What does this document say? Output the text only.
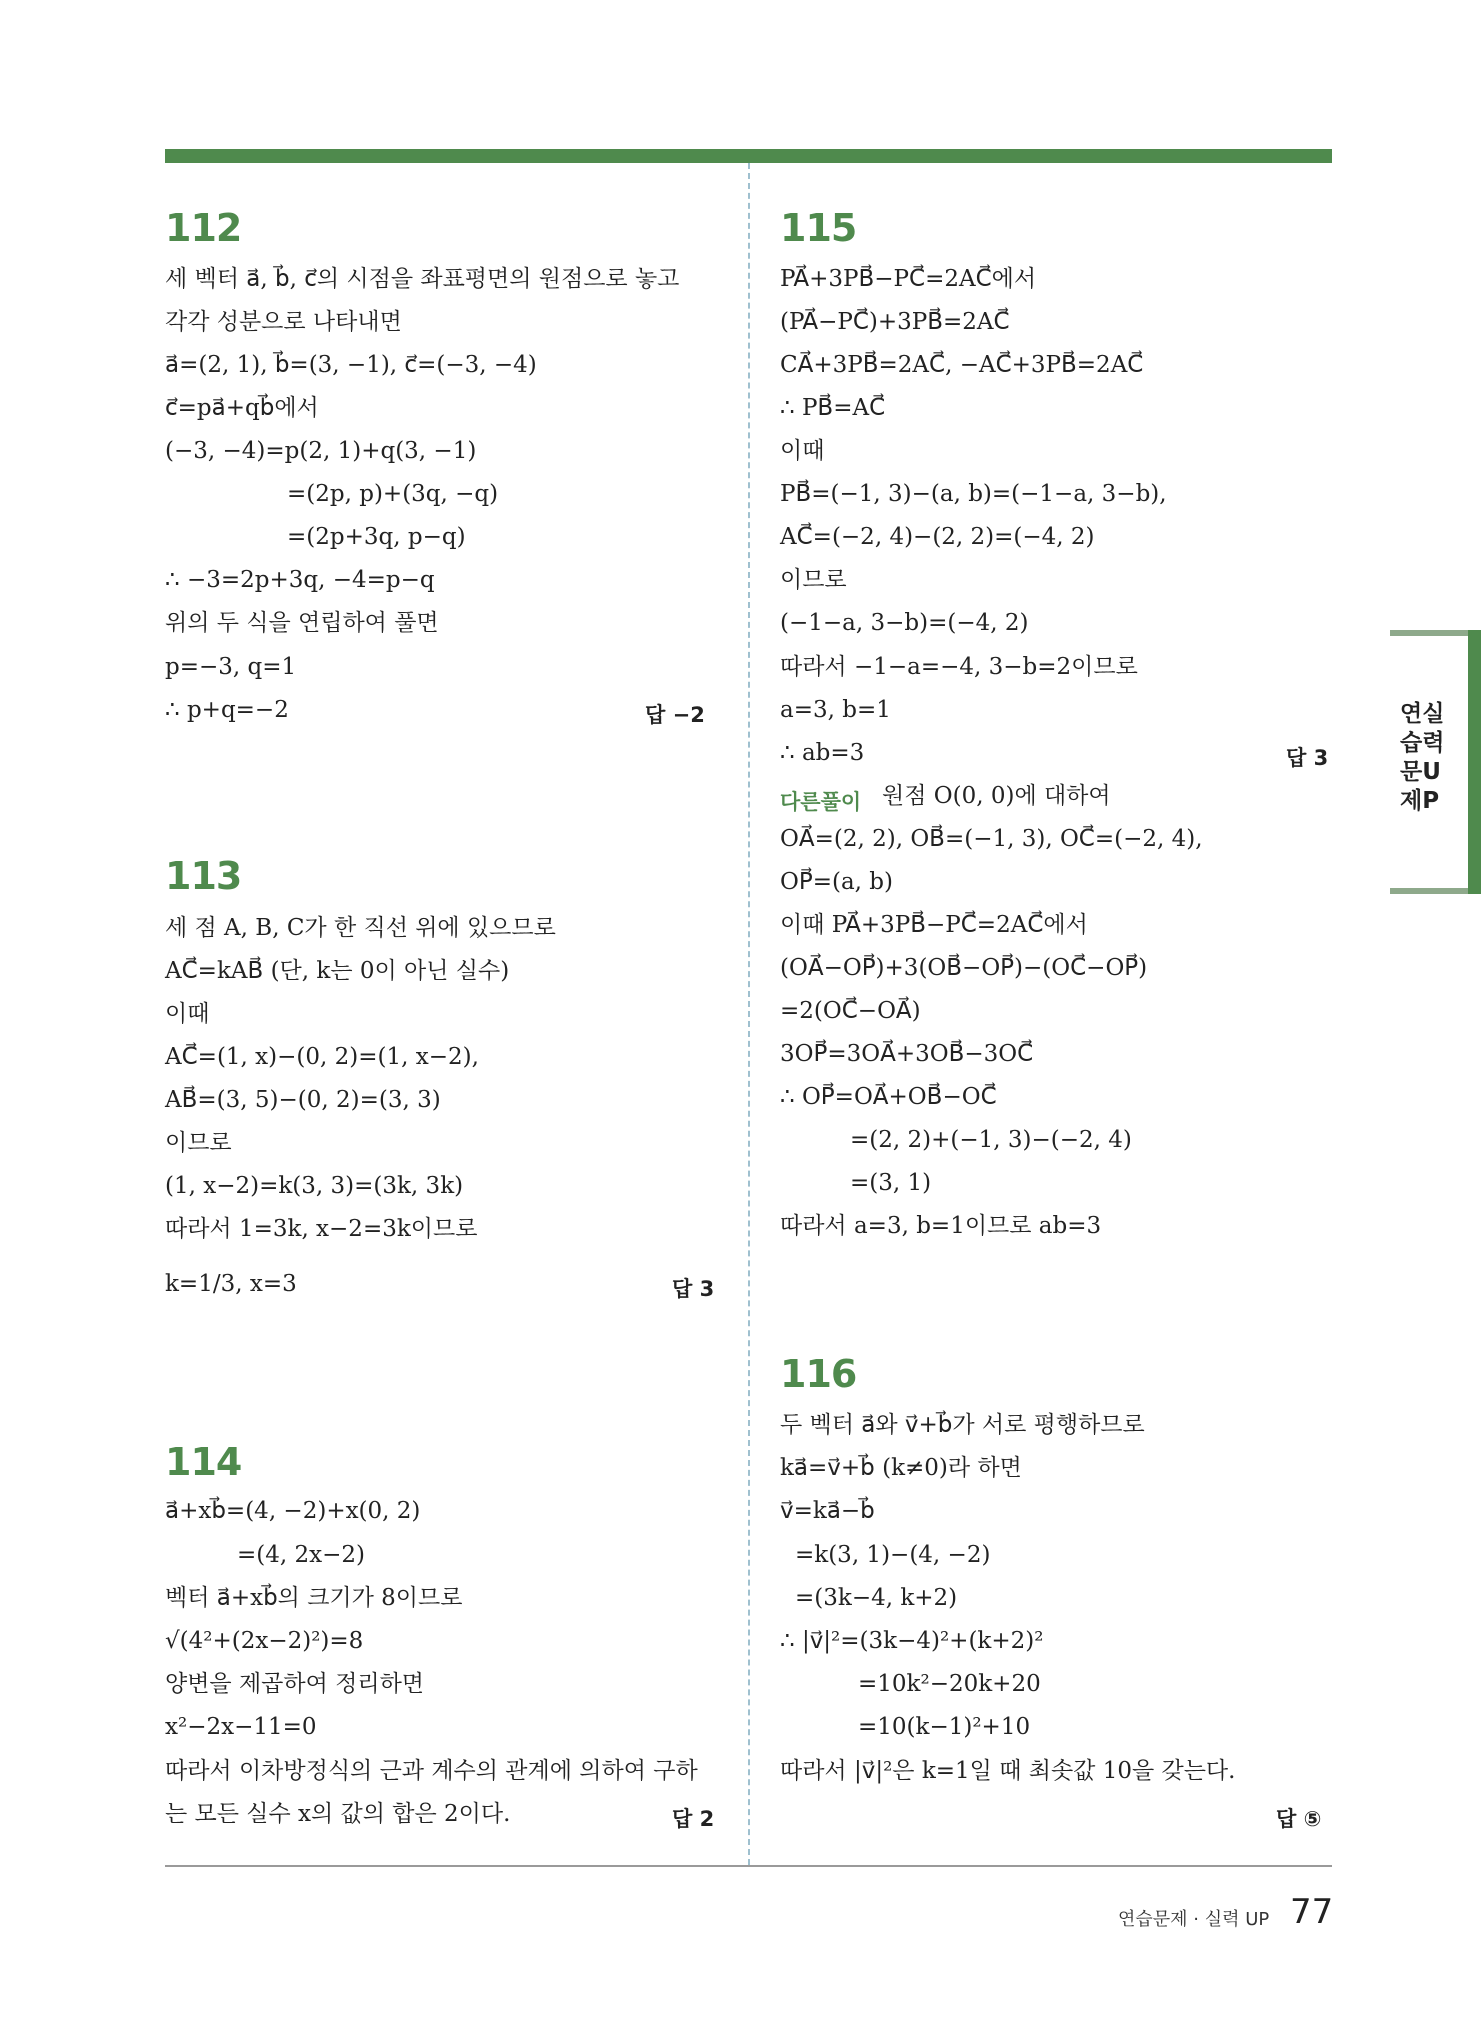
112
세 벡터 a⃗, b⃗, c⃗의 시점을 좌표평면의 원점으로 놓고
각각 성분으로 나타내면
a⃗=(2, 1), b⃗=(3, −1), c⃗=(−3, −4)
c⃗=pa⃗+qb⃗에서
(−3, −4)=p(2, 1)+q(3, −1)
=(2p, p)+(3q, −q)
=(2p+3q, p−q)
∴ −3=2p+3q, −4=p−q
위의 두 식을 연립하여 풀면
p=−3, q=1
∴ p+q=−2	답 −2
113
세 점 A, B, C가 한 직선 위에 있으므로
AC⃗=kAB⃗ (단, k는 0이 아닌 실수)
이때
AC⃗=(1, x)−(0, 2)=(1, x−2),
AB⃗=(3, 5)−(0, 2)=(3, 3)
이므로
(1, x−2)=k(3, 3)=(3k, 3k)
따라서 1=3k, x−2=3k이므로
k=1/3, x=3	답 3
114
a⃗+xb⃗=(4, −2)+x(0, 2)
=(4, 2x−2)
벡터 a⃗+xb⃗의 크기가 8이므로
√(4²+(2x−2)²)=8
양변을 제곱하여 정리하면
x²−2x−11=0
따라서 이차방정식의 근과 계수의 관계에 의하여 구하
는 모든 실수 x의 값의 합은 2이다.	답 2
115
PA⃗+3PB⃗−PC⃗=2AC⃗에서
(PA⃗−PC⃗)+3PB⃗=2AC⃗
CA⃗+3PB⃗=2AC⃗, −AC⃗+3PB⃗=2AC⃗
∴ PB⃗=AC⃗
이때
PB⃗=(−1, 3)−(a, b)=(−1−a, 3−b),
AC⃗=(−2, 4)−(2, 2)=(−4, 2)
이므로
(−1−a, 3−b)=(−4, 2)
따라서 −1−a=−4, 3−b=2이므로
a=3, b=1
∴ ab=3	답 3
다른풀이 원점 O(0, 0)에 대하여
OA⃗=(2, 2), OB⃗=(−1, 3), OC⃗=(−2, 4),
OP⃗=(a, b)
이때 PA⃗+3PB⃗−PC⃗=2AC⃗에서
(OA⃗−OP⃗)+3(OB⃗−OP⃗)−(OC⃗−OP⃗)
=2(OC⃗−OA⃗)
3OP⃗=3OA⃗+3OB⃗−3OC⃗
∴ OP⃗=OA⃗+OB⃗−OC⃗
=(2, 2)+(−1, 3)−(−2, 4)
=(3, 1)
따라서 a=3, b=1이므로 ab=3
116
두 벡터 a⃗와 v⃗+b⃗가 서로 평행하므로
ka⃗=v⃗+b⃗ (k≠0)라 하면
v⃗=ka⃗−b⃗
=k(3, 1)−(4, −2)
=(3k−4, k+2)
∴ |v⃗|²=(3k−4)²+(k+2)²
=10k²−20k+20
=10(k−1)²+10
따라서 |v⃗|²은 k=1일 때 최솟값 10을 갖는다.
답 ⑤
연실
습력
문U
제P
연습문제 · 실력 UP 77
